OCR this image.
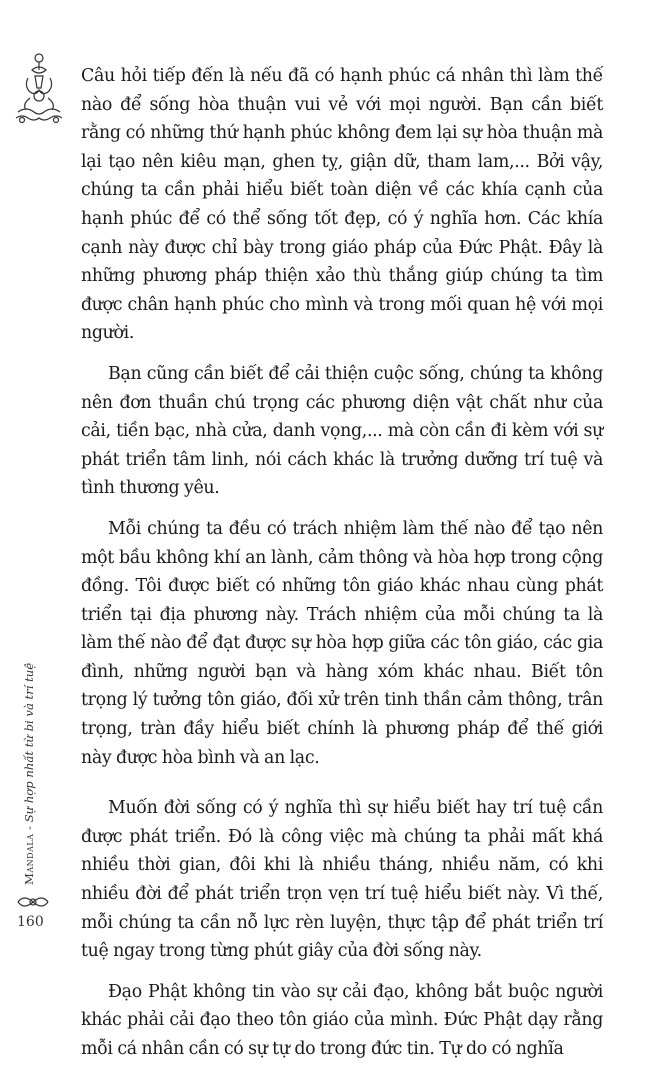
Câu hỏi tiếp đến là nếu đã có hạnh phúc cá nhân thì làm thế nào để sống hòa thuận vui vẻ với mọi người. Bạn cần biết rằng có những thứ hạnh phúc không đem lại sự hòa thuận mà lại tạo nên kiêu mạn, ghen tỵ, giận dữ, tham lam,... Bởi vậy, chúng ta cần phải hiểu biết toàn diện về các khía cạnh của hạnh phúc để có thể sống tốt đẹp, có ý nghĩa hơn. Các khía cạnh này được chỉ bày trong giáo pháp của Đức Phật. Đây là những phương pháp thiện xảo thù thắng giúp chúng ta tìm được chân hạnh phúc cho mình và trong mối quan hệ với mọi người.

Bạn cũng cần biết để cải thiện cuộc sống, chúng ta không nên đơn thuần chú trọng các phương diện vật chất như của cải, tiền bạc, nhà cửa, danh vọng,... mà còn cần đi kèm với sự phát triển tâm linh, nói cách khác là trưởng dưỡng trí tuệ và tình thương yêu.

Mỗi chúng ta đều có trách nhiệm làm thế nào để tạo nên một bầu không khí an lành, cảm thông và hòa hợp trong cộng đồng. Tôi được biết có những tôn giáo khác nhau cùng phát triển tại địa phương này. Trách nhiệm của mỗi chúng ta là làm thế nào để đạt được sự hòa hợp giữa các tôn giáo, các gia đình, những người bạn và hàng xóm khác nhau. Biết tôn trọng lý tưởng tôn giáo, đối xử trên tinh thần cảm thông, trân trọng, tràn đầy hiểu biết chính là phương pháp để thế giới này được hòa bình và an lạc.

Muốn đời sống có ý nghĩa thì sự hiểu biết hay trí tuệ cần được phát triển. Đó là công việc mà chúng ta phải mất khá nhiều thời gian, đôi khi là nhiều tháng, nhiều năm, có khi nhiều đời để phát triển trọn vẹn trí tuệ hiểu biết này. Vì thế, mỗi chúng ta cần nỗ lực rèn luyện, thực tập để phát triển trí tuệ ngay trong từng phút giây của đời sống này.

Đạo Phật không tin vào sự cải đạo, không bắt buộc người khác phải cải đạo theo tôn giáo của mình. Đức Phật dạy rằng mỗi cá nhân cần có sự tự do trong đức tin. Tự do có nghĩa

Mandala - Sự hợp nhất từ bi và trí tuệ
160
